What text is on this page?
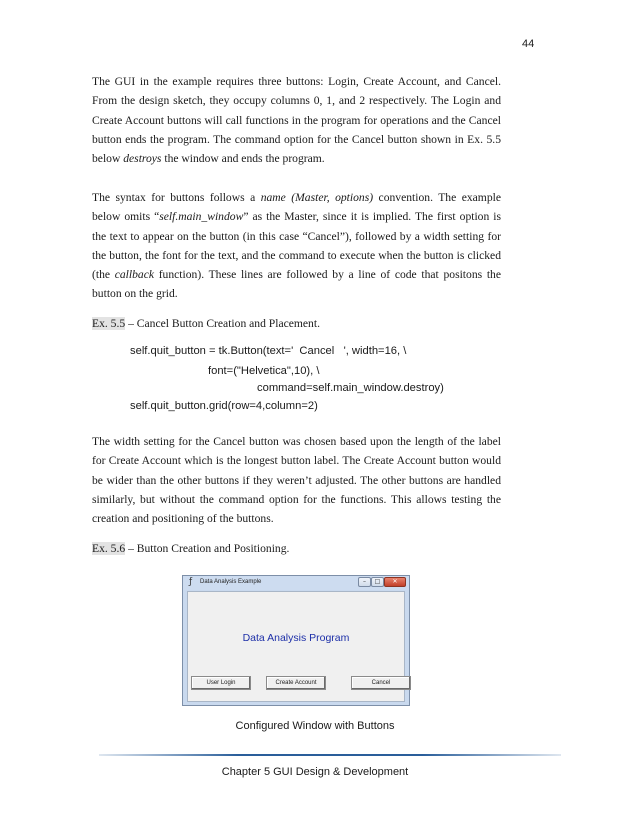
44

The GUI in the example requires three buttons: Login, Create Account, and Cancel. From the design sketch, they occupy columns 0, 1, and 2 respectively. The Login and Create Account buttons will call functions in the program for operations and the Cancel button ends the program. The command option for the Cancel button shown in Ex. 5.5 below destroys the window and ends the program.

The syntax for buttons follows a name (Master, options) convention. The example below omits “self.main_window” as the Master, since it is implied. The first option is the text to appear on the button (in this case “Cancel”), followed by a width setting for the button, the font for the text, and the command to execute when the button is clicked (the callback function). These lines are followed by a line of code that positons the button on the grid.

Ex. 5.5 – Cancel Button Creation and Placement.
self.quit_button = tk.Button(text='  Cancel   ', width=16, \
font=("Helvetica",10), \
command=self.main_window.destroy)
self.quit_button.grid(row=4,column=2)

The width setting for the Cancel button was chosen based upon the length of the label for Create Account which is the longest button label. The Create Account button would be wider than the other buttons if they weren’t adjusted. The other buttons are handled similarly, but without the command option for the functions. This allows testing the creation and positioning of the buttons.

Ex. 5.6 – Button Creation and Positioning.
ƒ	Data Analysis Example	–	□	✕
Data Analysis Program
User Login	Create Account	Cancel
Configured Window with Buttons
Chapter 5 GUI Design & Development
